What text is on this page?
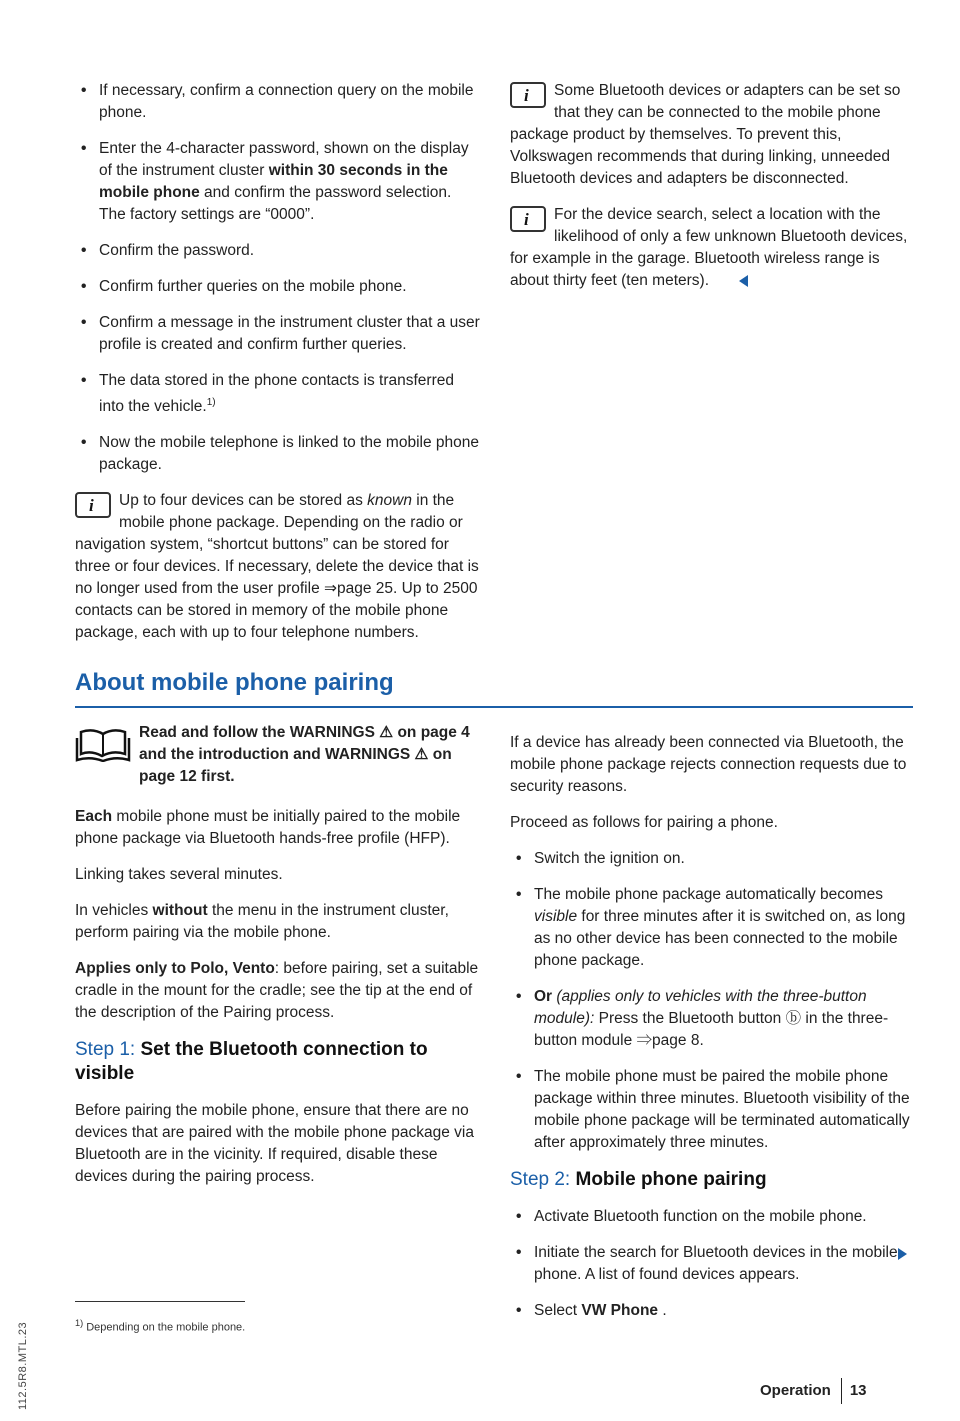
112.5R8.MTL.23
• If necessary, confirm a connection query on the mobile phone.
• Enter the 4-character password, shown on the display of the instrument cluster within 30 seconds in the mobile phone and confirm the password selection. The factory settings are “0000”.
• Confirm the password.
• Confirm further queries on the mobile phone.
• Confirm a message in the instrument cluster that a user profile is created and confirm further queries.
• The data stored in the phone contacts is transferred into the vehicle.$^{1)}$
• Now the mobile telephone is linked to the mobile phone package.
i
Up to four devices can be stored as known in the mobile phone package. Depending on the radio or navigation system, “shortcut buttons” can be stored for three or four devices. If necessary, delete the device that is no longer used from the user profile ⇒page 25. Up to 2500 contacts can be stored in memory of the mobile phone package, each with up to four telephone numbers.
i
Some Bluetooth devices or adapters can be set so that they can be connected to the mobile phone package product by themselves. To prevent this, Volkswagen recommends that during linking, unneeded Bluetooth devices and adapters be disconnected.
i
For the device search, select a location with the likelihood of only a few unknown Bluetooth devices, for example in the garage. Bluetooth wireless range is about thirty feet (ten meters).
About mobile phone pairing
Read and follow the WARNINGS ⚠ on page 4 and the introduction and WARNINGS ⚠ on page 12 first.

Each mobile phone must be initially paired to the mobile phone package via Bluetooth hands-free profile (HFP).

Linking takes several minutes.

In vehicles without the menu in the instrument cluster, perform pairing via the mobile phone.

Applies only to Polo, Vento: before pairing, set a suitable cradle in the mount for the cradle; see the tip at the end of the description of the Pairing process.

Step 1: Set the Bluetooth connection to visible

Before pairing the mobile phone, ensure that there are no devices that are paired with the mobile phone package via Bluetooth are in the vicinity. If required, disable these devices during the pairing process.

If a device has already been connected via Bluetooth, the mobile phone package rejects connection requests due to security reasons.

Proceed as follows for pairing a phone.

• Switch the ignition on.
• The mobile phone package automatically becomes visible for three minutes after it is switched on, as long as no other device has been connected to the mobile phone package.
• Or (applies only to vehicles with the three-button module): Press the Bluetooth button ⓑ in the three-button module ⇒page 8.
• The mobile phone must be paired the mobile phone package within three minutes. Bluetooth visibility of the mobile phone package will be terminated automatically after approximately three minutes.
Step 2: Mobile phone pairing
• Activate Bluetooth function on the mobile phone.
• Initiate the search for Bluetooth devices in the mobile phone. A list of found devices appears.
• Select VW Phone .
$^{1)}$ Depending on the mobile phone.
Operation 13
